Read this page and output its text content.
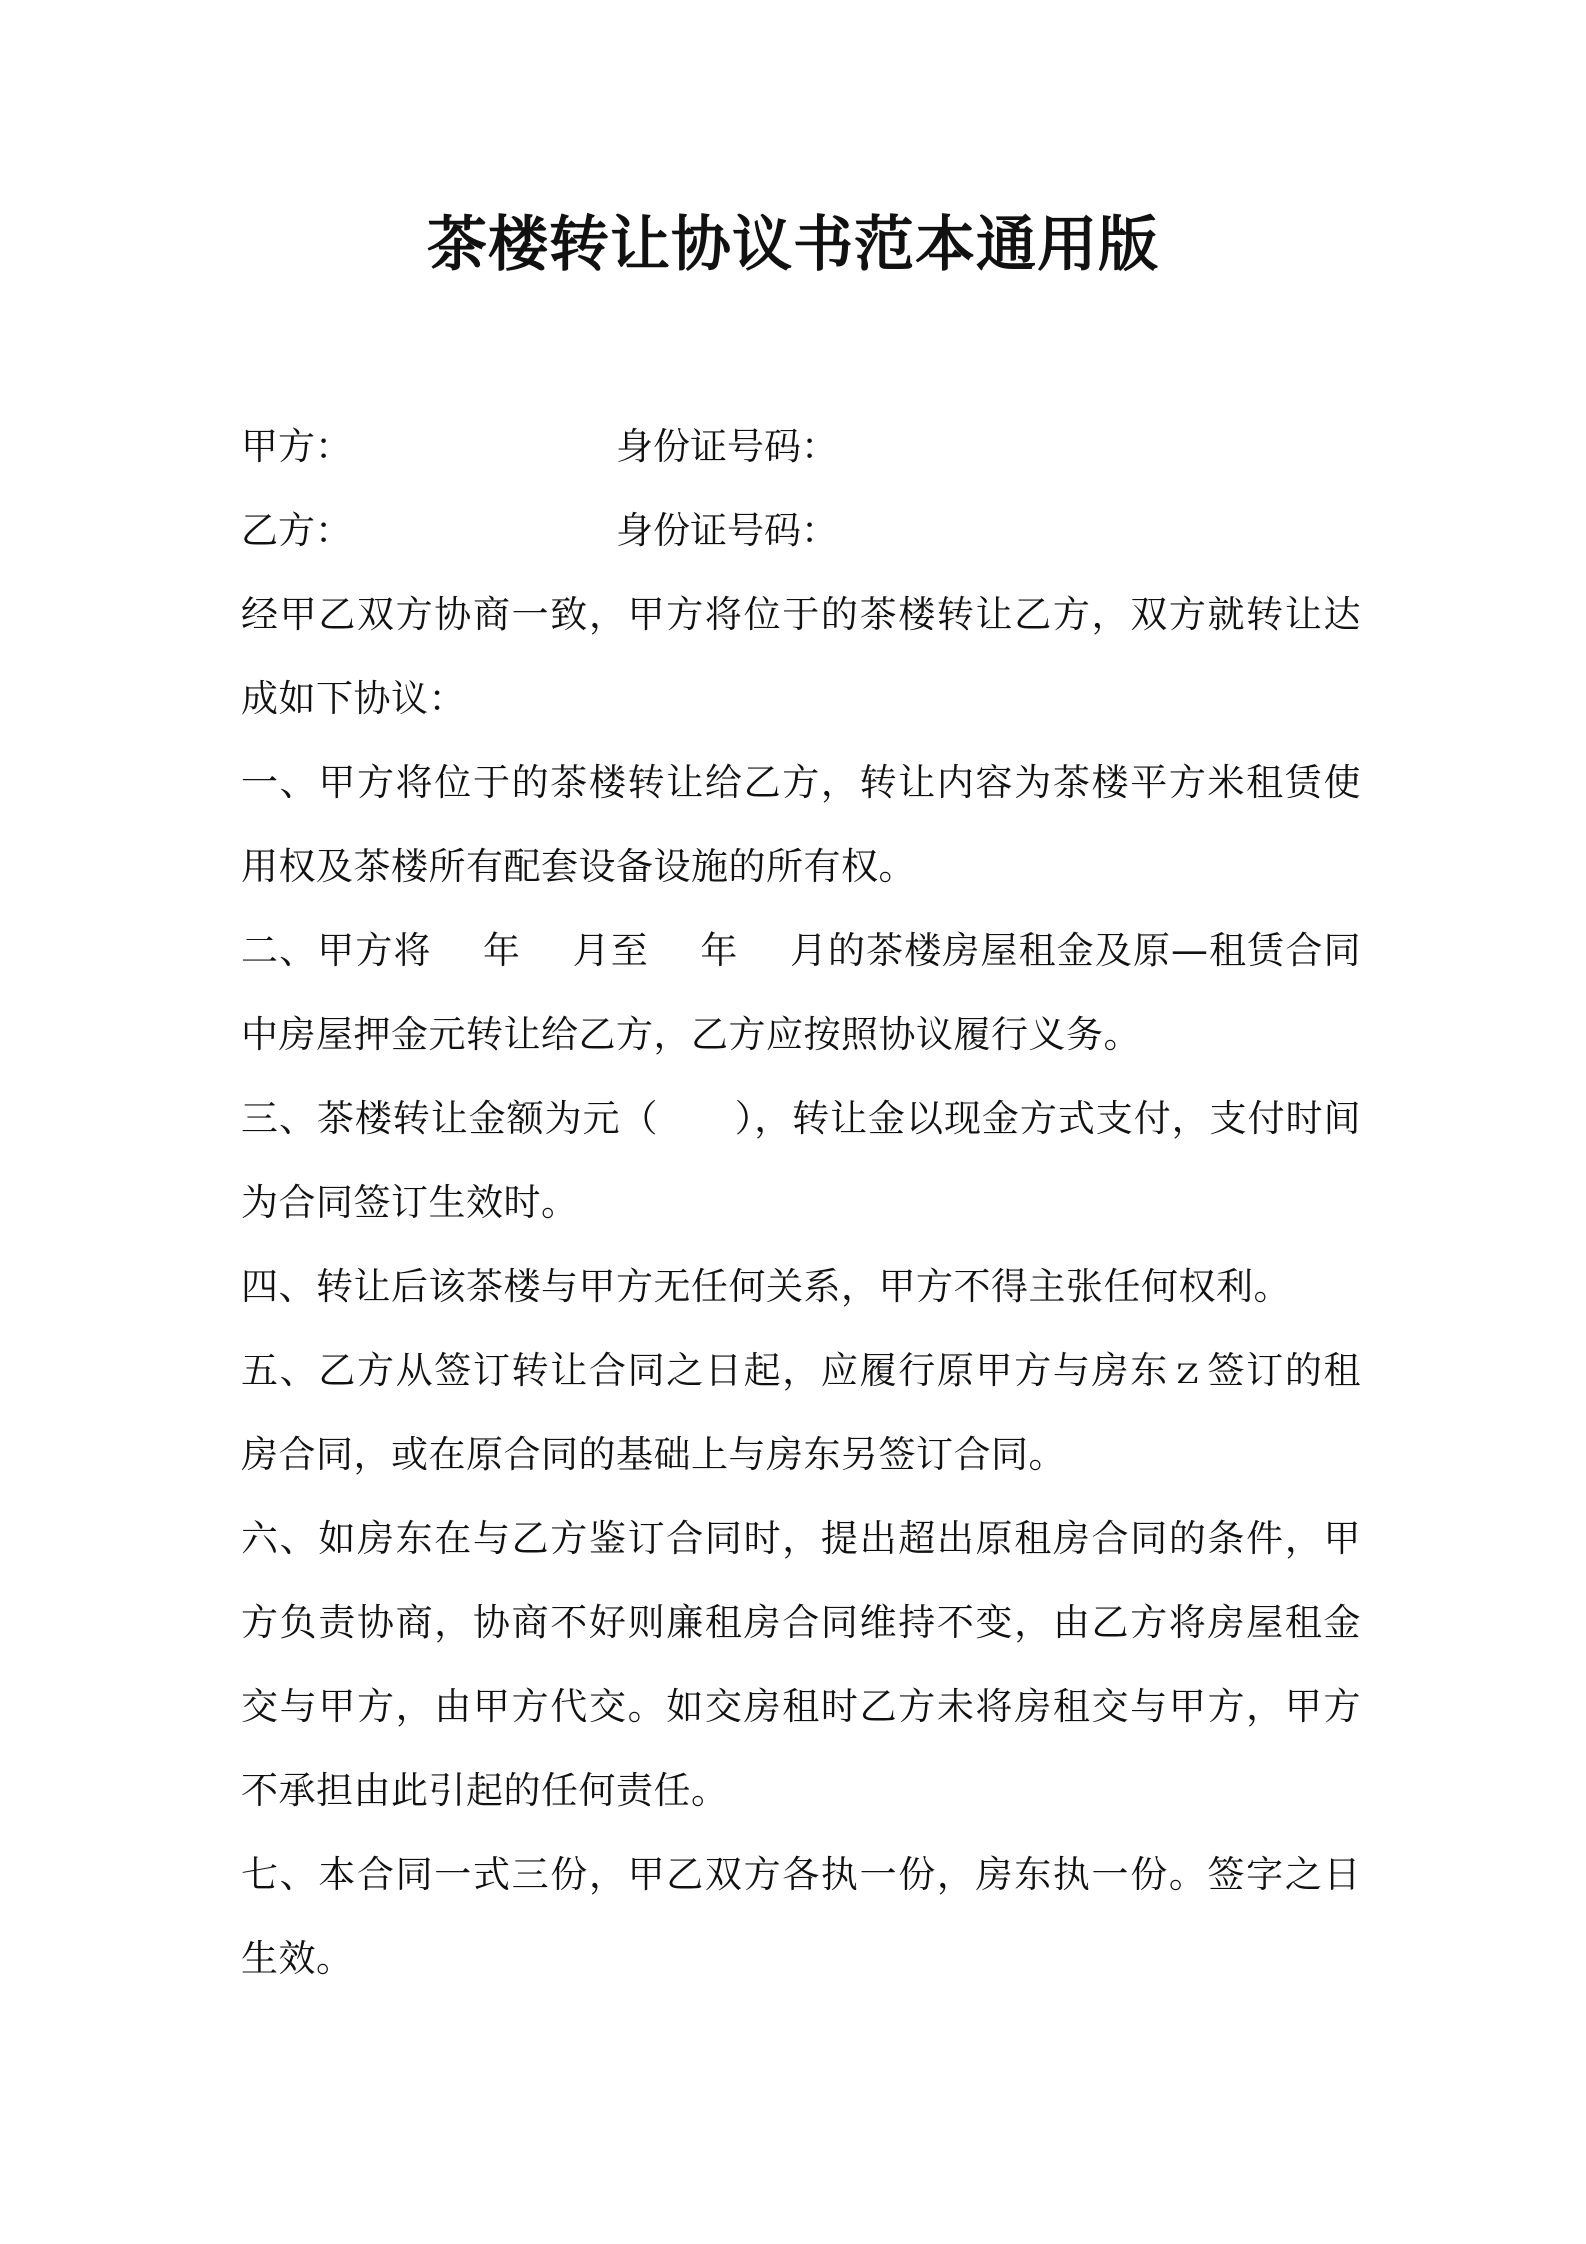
茶楼转让协议书范本通用版
甲方：	身份证号码：
乙方：	身份证号码：

经甲乙双方协商一致，甲方将位于的茶楼转让乙方，双方就转让达成如下协议：

一、甲方将位于的茶楼转让给乙方，转让内容为茶楼平方米租赁使用权及茶楼所有配套设备设施的所有权。

二、甲方将    年    月至    年    月的茶楼房屋租金及原—租赁合同中房屋押金元转让给乙方，乙方应按照协议履行义务。

三、茶楼转让金额为元（      ），转让金以现金方式支付，支付时间为合同签订生效时。

四、转让后该茶楼与甲方无任何关系，甲方不得主张任何权利。

五、乙方从签订转让合同之日起，应履行原甲方与房东ｚ签订的租房合同，或在原合同的基础上与房东另签订合同。

六、如房东在与乙方鉴订合同时，提出超出原租房合同的条件，甲方负责协商，协商不好则廉租房合同维持不变，由乙方将房屋租金交与甲方，由甲方代交。如交房租时乙方未将房租交与甲方，甲方不承担由此引起的任何责任。

七、本合同一式三份，甲乙双方各执一份，房东执一份。签字之日生效。
